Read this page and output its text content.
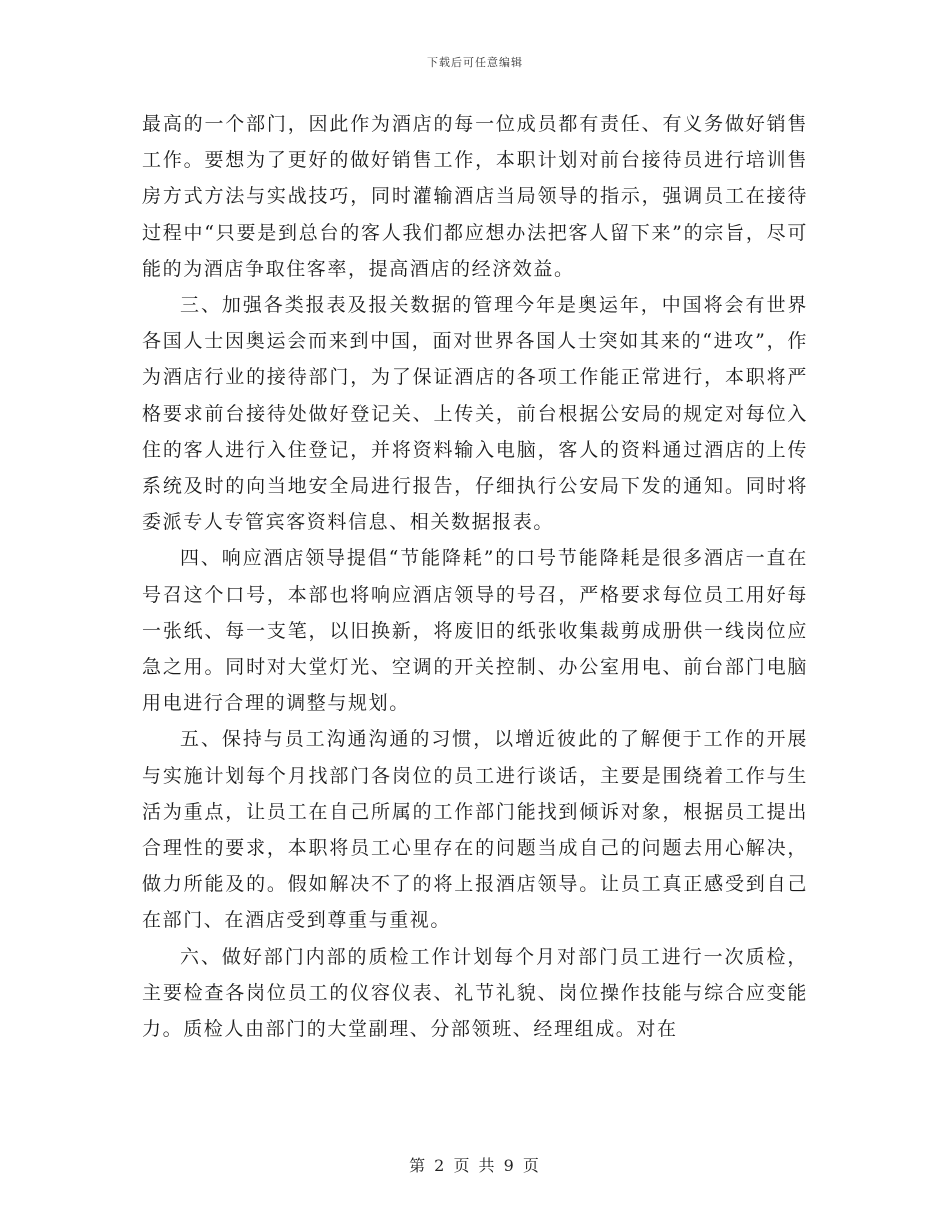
下载后可任意编辑

最高的一个部门，因此作为酒店的每一位成员都有责任、有义务做好销售工作。要想为了更好的做好销售工作，本职计划对前台接待员进行培训售房方式方法与实战技巧，同时灌输酒店当局领导的指示，强调员工在接待过程中“只要是到总台的客人我们都应想办法把客人留下来”的宗旨，尽可能的为酒店争取住客率，提高酒店的经济效益。

三、加强各类报表及报关数据的管理今年是奥运年，中国将会有世界各国人士因奥运会而来到中国，面对世界各国人士突如其来的“进攻”，作为酒店行业的接待部门，为了保证酒店的各项工作能正常进行，本职将严格要求前台接待处做好登记关、上传关，前台根据公安局的规定对每位入住的客人进行入住登记，并将资料输入电脑，客人的资料通过酒店的上传系统及时的向当地安全局进行报告，仔细执行公安局下发的通知。同时将委派专人专管宾客资料信息、相关数据报表。

四、响应酒店领导提倡“节能降耗”的口号节能降耗是很多酒店一直在号召这个口号，本部也将响应酒店领导的号召，严格要求每位员工用好每一张纸、每一支笔，以旧换新，将废旧的纸张收集裁剪成册供一线岗位应急之用。同时对大堂灯光、空调的开关控制、办公室用电、前台部门电脑用电进行合理的调整与规划。

五、保持与员工沟通沟通的习惯，以增近彼此的了解便于工作的开展与实施计划每个月找部门各岗位的员工进行谈话，主要是围绕着工作与生活为重点，让员工在自己所属的工作部门能找到倾诉对象，根据员工提出合理性的要求，本职将员工心里存在的问题当成自己的问题去用心解决，做力所能及的。假如解决不了的将上报酒店领导。让员工真正感受到自己在部门、在酒店受到尊重与重视。

六、做好部门内部的质检工作计划每个月对部门员工进行一次质检，主要检查各岗位员工的仪容仪表、礼节礼貌、岗位操作技能与综合应变能力。质检人由部门的大堂副理、分部领班、经理组成。对在

第 2 页 共 9 页
